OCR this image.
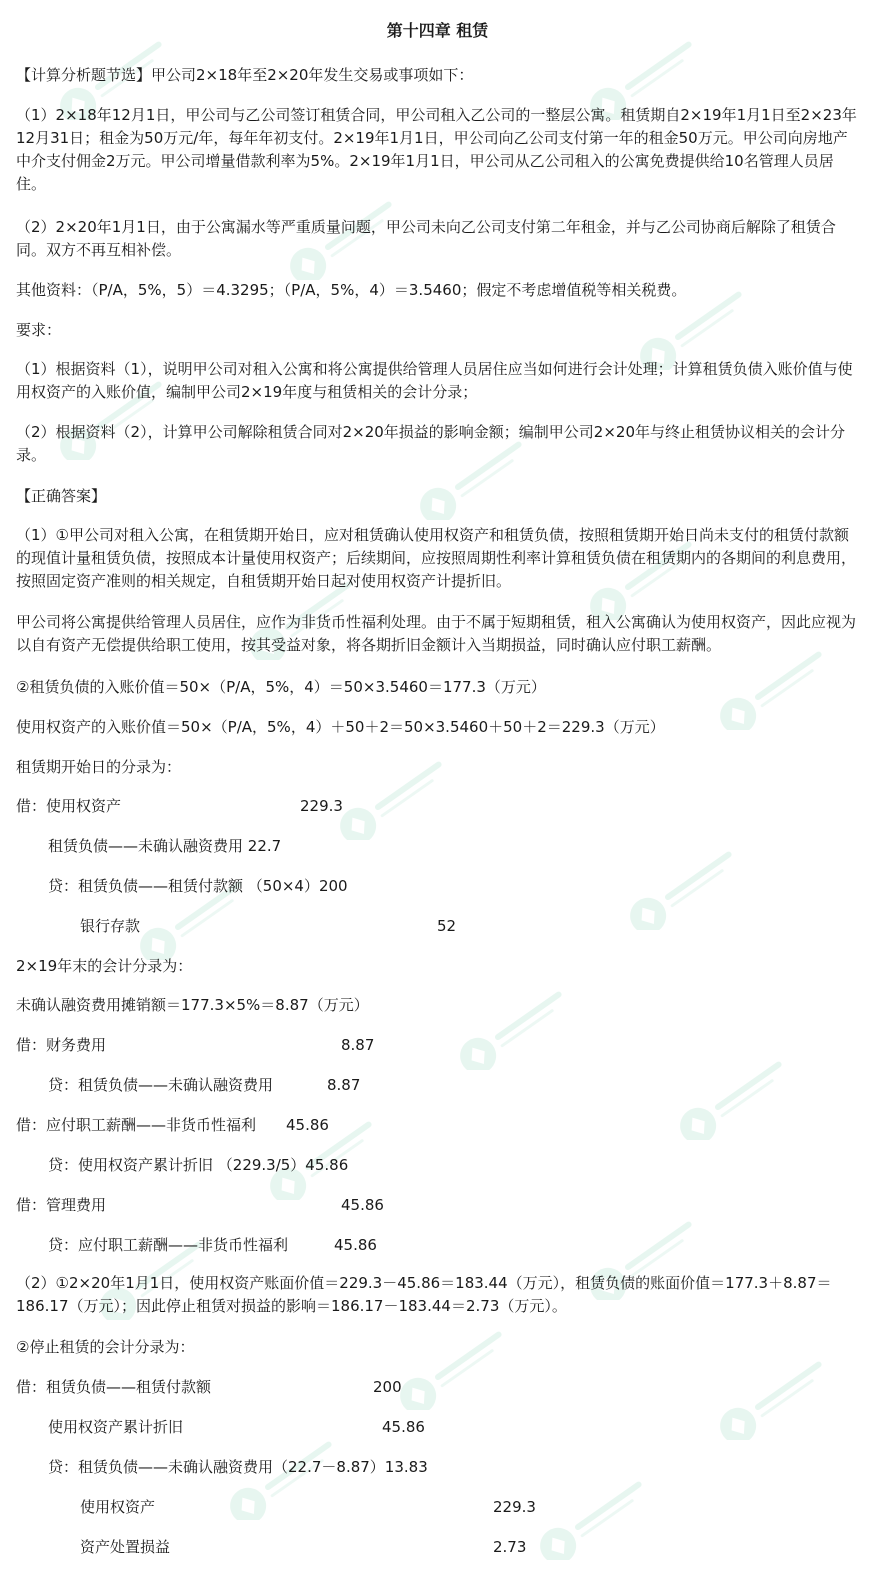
第十四章 租赁
【计算分析题节选】甲公司2×18年至2×20年发生交易或事项如下：
（1）2×18年12月1日，甲公司与乙公司签订租赁合同，甲公司租入乙公司的一整层公寓。租赁期自2×19年1月1日至2×23年12月31日；租金为50万元/年，每年年初支付。2×19年1月1日，甲公司向乙公司支付第一年的租金50万元。甲公司向房地产中介支付佣金2万元。甲公司增量借款利率为5%。2×19年1月1日，甲公司从乙公司租入的公寓免费提供给10名管理人员居住。
（2）2×20年1月1日，由于公寓漏水等严重质量问题，甲公司未向乙公司支付第二年租金，并与乙公司协商后解除了租赁合同。双方不再互相补偿。
其他资料：（P/A，5%，5）＝4.3295；（P/A，5%，4）＝3.5460；假定不考虑增值税等相关税费。
要求：
（1）根据资料（1），说明甲公司对租入公寓和将公寓提供给管理人员居住应当如何进行会计处理；计算租赁负债入账价值与使用权资产的入账价值，编制甲公司2×19年度与租赁相关的会计分录；
（2）根据资料（2），计算甲公司解除租赁合同对2×20年损益的影响金额；编制甲公司2×20年与终止租赁协议相关的会计分录。
【正确答案】
（1）①甲公司对租入公寓，在租赁期开始日，应对租赁确认使用权资产和租赁负债，按照租赁期开始日尚未支付的租赁付款额的现值计量租赁负债，按照成本计量使用权资产；后续期间，应按照周期性利率计算租赁负债在租赁期内的各期间的利息费用，按照固定资产准则的相关规定，自租赁期开始日起对使用权资产计提折旧。
甲公司将公寓提供给管理人员居住，应作为非货币性福利处理。由于不属于短期租赁，租入公寓确认为使用权资产，因此应视为以自有资产无偿提供给职工使用，按其受益对象，将各期折旧金额计入当期损益，同时确认应付职工薪酬。
②租赁负债的入账价值＝50×（P/A，5%，4）＝50×3.5460＝177.3（万元）
使用权资产的入账价值＝50×（P/A，5%，4）＋50＋2＝50×3.5460＋50＋2＝229.3（万元）
租赁期开始日的分录为：
借：使用权资产	229.3
租赁负债——未确认融资费用 22.7
贷：租赁负债——租赁付款额 （50×4）200
银行存款	52
2×19年末的会计分录为：
未确认融资费用摊销额＝177.3×5%＝8.87（万元）
借：财务费用	8.87
贷：租赁负债——未确认融资费用	8.87
借：应付职工薪酬——非货币性福利 45.86
贷：使用权资产累计折旧 （229.3/5）45.86
借：管理费用	45.86
贷：应付职工薪酬——非货币性福利	45.86
（2）①2×20年1月1日，使用权资产账面价值＝229.3－45.86＝183.44（万元），租赁负债的账面价值＝177.3＋8.87＝186.17（万元）；因此停止租赁对损益的影响＝186.17－183.44＝2.73（万元）。
②停止租赁的会计分录为：
借：租赁负债——租赁付款额	200
使用权资产累计折旧	45.86
贷：租赁负债——未确认融资费用（22.7－8.87）13.83
使用权资产	229.3
资产处置损益	2.73
